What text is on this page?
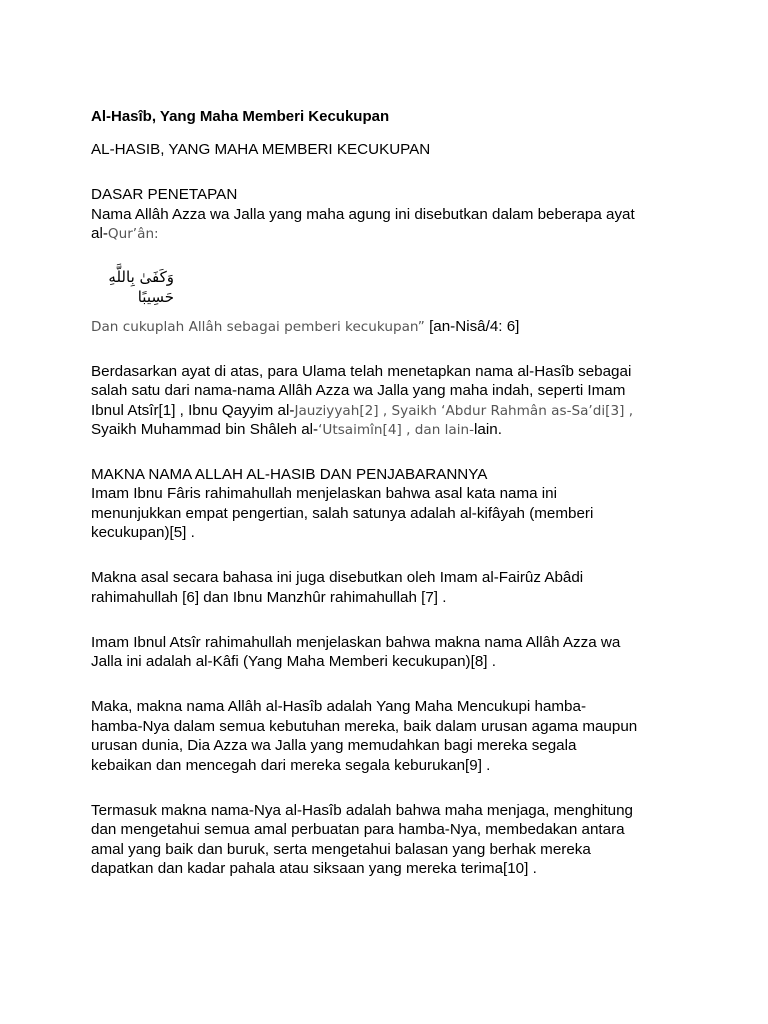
Al-Hasîb, Yang Maha Memberi Kecukupan
AL-HASIB, YANG MAHA MEMBERI KECUKUPAN
DASAR PENETAPAN
Nama Allâh Azza wa Jalla yang maha agung ini disebutkan dalam beberapa ayat
al-Qur’ân:
وَكَفَىٰ بِاللَّهِ حَسِيبًا
Dan cukuplah Allâh sebagai pemberi kecukupan” [an-Nisâ/4: 6]
Berdasarkan ayat di atas, para Ulama telah menetapkan nama al-Hasîb sebagai
salah satu dari nama-nama Allâh Azza wa Jalla yang maha indah, seperti Imam
Ibnul Atsîr[1] , Ibnu Qayyim al-Jauziyyah[2] , Syaikh ‘Abdur Rahmân as-Sa’di[3] ,
Syaikh Muhammad bin Shâleh al-‘Utsaimîn[4] , dan lain-lain.
MAKNA NAMA ALLAH AL-HASIB DAN PENJABARANNYA
Imam Ibnu Fâris rahimahullah menjelaskan bahwa asal kata nama ini
menunjukkan empat pengertian, salah satunya adalah al-kifâyah (memberi
kecukupan)[5] .
Makna asal secara bahasa ini juga disebutkan oleh Imam al-Fairûz Abâdi
rahimahullah [6] dan Ibnu Manzhûr rahimahullah [7] .
Imam Ibnul Atsîr rahimahullah menjelaskan bahwa makna nama Allâh Azza wa
Jalla ini adalah al-Kâfi (Yang Maha Memberi kecukupan)[8] .
Maka, makna nama Allâh al-Hasîb adalah Yang Maha Mencukupi hamba-
hamba-Nya dalam semua kebutuhan mereka, baik dalam urusan agama maupun
urusan dunia, Dia Azza wa Jalla yang memudahkan bagi mereka segala
kebaikan dan mencegah dari mereka segala keburukan[9] .
Termasuk makna nama-Nya al-Hasîb adalah bahwa maha menjaga, menghitung
dan mengetahui semua amal perbuatan para hamba-Nya, membedakan antara
amal yang baik dan buruk, serta mengetahui balasan yang berhak mereka
dapatkan dan kadar pahala atau siksaan yang mereka terima[10] .
